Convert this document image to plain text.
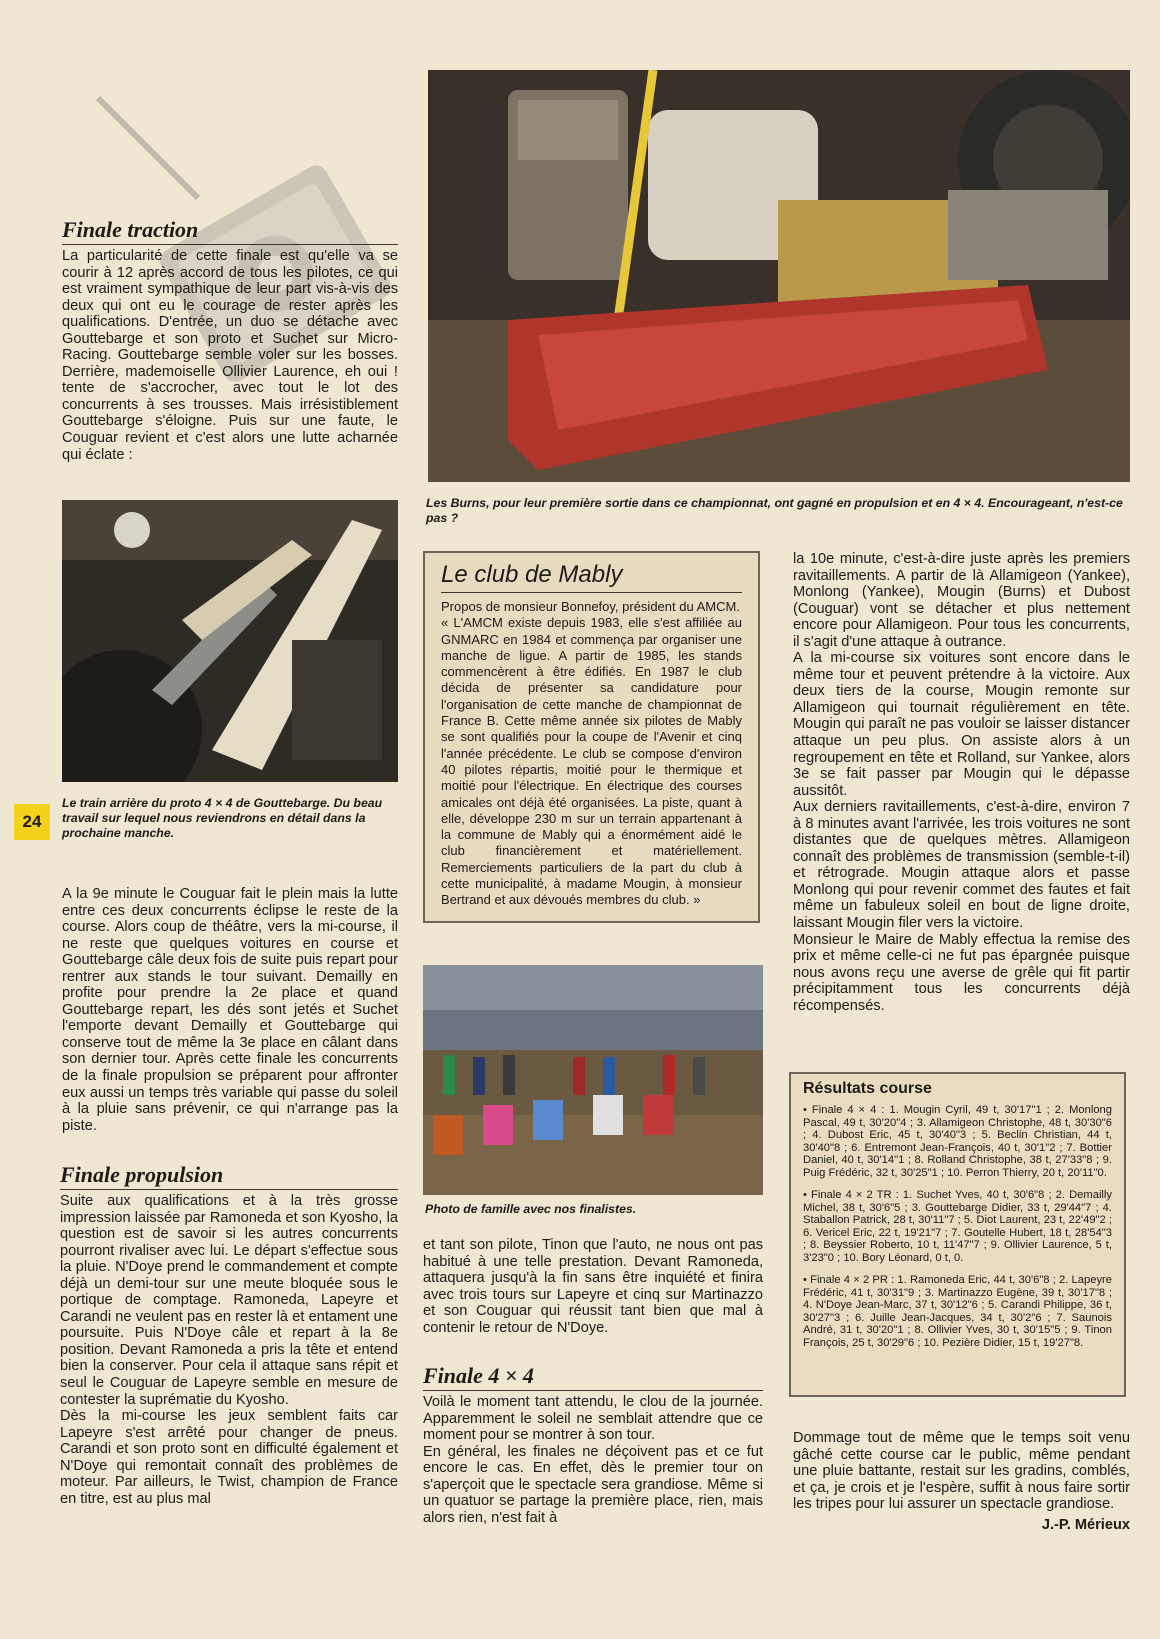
Finale traction

La particularité de cette finale est qu'elle va se courir à 12 après accord de tous les pilotes, ce qui est vraiment sympathique de leur part vis-à-vis des deux qui ont eu le courage de rester après les qualifications. D'entrée, un duo se détache avec Gouttebarge et son proto et Suchet sur Micro-Racing. Gouttebarge semble voler sur les bosses. Derrière, mademoiselle Ollivier Laurence, eh oui ! tente de s'accrocher, avec tout le lot des concurrents à ses trousses. Mais irrésistiblement Gouttebarge s'éloigne. Puis sur une faute, le Couguar revient et c'est alors une lutte acharnée qui éclate :

Les Burns, pour leur première sortie dans ce championnat, ont gagné en propulsion et en 4 × 4. Encourageant, n'est-ce pas ?
Le train arrière du proto 4 × 4 de Gouttebarge. Du beau travail sur lequel nous reviendrons en détail dans la prochaine manche.
24

A la 9e minute le Couguar fait le plein mais la lutte entre ces deux concurrents éclipse le reste de la course. Alors coup de théâtre, vers la mi-course, il ne reste que quelques voitures en course et Gouttebarge câle deux fois de suite puis repart pour rentrer aux stands le tour suivant. Demailly en profite pour prendre la 2e place et quand Gouttebarge repart, les dés sont jetés et Suchet l'emporte devant Demailly et Gouttebarge qui conserve tout de même la 3e place en câlant dans son dernier tour. Après cette finale les concurrents de la finale propulsion se préparent pour affronter eux aussi un temps très variable qui passe du soleil à la pluie sans prévenir, ce qui n'arrange pas la piste.

Finale propulsion

Suite aux qualifications et à la très grosse impression laissée par Ramoneda et son Kyosho, la question est de savoir si les autres concurrents pourront rivaliser avec lui. Le départ s'effectue sous la pluie. N'Doye prend le commandement et compte déjà un demi-tour sur une meute bloquée sous le portique de comptage. Ramoneda, Lapeyre et Carandi ne veulent pas en rester là et entament une poursuite. Puis N'Doye câle et repart à la 8e position. Devant Ramoneda a pris la tête et entend bien la conserver. Pour cela il attaque sans répit et seul le Couguar de Lapeyre semble en mesure de contester la suprématie du Kyosho.

Dès la mi-course les jeux semblent faits car Lapeyre s'est arrêté pour changer de pneus. Carandi et son proto sont en difficulté également et N'Doye qui remontait connaît des problèmes de moteur. Par ailleurs, le Twist, champion de France en titre, est au plus mal

Le club de Mably

Propos de monsieur Bonnefoy, président du AMCM.

« L'AMCM existe depuis 1983, elle s'est affiliée au GNMARC en 1984 et commença par organiser une manche de ligue. A partir de 1985, les stands commencèrent à être édifiés. En 1987 le club décida de présenter sa candidature pour l'organisation de cette manche de championnat de France B. Cette même année six pilotes de Mably se sont qualifiés pour la coupe de l'Avenir et cinq l'année précédente. Le club se compose d'environ 40 pilotes répartis, moitié pour le thermique et moitié pour l'électrique. En électrique des courses amicales ont déjà été organisées. La piste, quant à elle, développe 230 m sur un terrain appartenant à la commune de Mably qui a énormément aidé le club financièrement et matériellement. Remerciements particuliers de la part du club à cette municipalité, à madame Mougin, à monsieur Bertrand et aux dévoués membres du club. »

Photo de famille avec nos finalistes.

et tant son pilote, Tinon que l'auto, ne nous ont pas habitué à une telle prestation. Devant Ramoneda, attaquera jusqu'à la fin sans être inquiété et finira avec trois tours sur Lapeyre et cinq sur Martinazzo et son Couguar qui réussit tant bien que mal à contenir le retour de N'Doye.

Finale 4 × 4

Voilà le moment tant attendu, le clou de la journée. Apparemment le soleil ne semblait attendre que ce moment pour se montrer à son tour.

En général, les finales ne déçoivent pas et ce fut encore le cas. En effet, dès le premier tour on s'aperçoit que le spectacle sera grandiose. Même si un quatuor se partage la première place, rien, mais alors rien, n'est fait à

la 10e minute, c'est-à-dire juste après les premiers ravitaillements. A partir de là Allamigeon (Yankee), Monlong (Yankee), Mougin (Burns) et Dubost (Couguar) vont se détacher et plus nettement encore pour Allamigeon. Pour tous les concurrents, il s'agit d'une attaque à outrance.

A la mi-course six voitures sont encore dans le même tour et peuvent prétendre à la victoire. Aux deux tiers de la course, Mougin remonte sur Allamigeon qui tournait régulièrement en tête. Mougin qui paraît ne pas vouloir se laisser distancer attaque un peu plus. On assiste alors à un regroupement en tête et Rolland, sur Yankee, alors 3e se fait passer par Mougin qui le dépasse aussitôt.

Aux derniers ravitaillements, c'est-à-dire, environ 7 à 8 minutes avant l'arrivée, les trois voitures ne sont distantes que de quelques mètres. Allamigeon connaît des problèmes de transmission (semble-t-il) et rétrograde. Mougin attaque alors et passe Monlong qui pour revenir commet des fautes et fait même un fabuleux soleil en bout de ligne droite, laissant Mougin filer vers la victoire.

Monsieur le Maire de Mably effectua la remise des prix et même celle-ci ne fut pas épargnée puisque nous avons reçu une averse de grêle qui fit partir précipitamment tous les concurrents déjà récompensés.

Résultats course

• Finale 4 × 4 : 1. Mougin Cyril, 49 t, 30'17"1 ; 2. Monlong Pascal, 49 t, 30'20"4 ; 3. Allamigeon Christophe, 48 t, 30'30"6 ; 4. Dubost Eric, 45 t, 30'40"3 ; 5. Beclin Christian, 44 t, 30'40"8 ; 6. Entremont Jean-François, 40 t, 30'1"2 ; 7. Bottier Daniel, 40 t, 30'14"1 ; 8. Rolland Christophe, 38 t, 27'33"8 ; 9. Puig Frédéric, 32 t, 30'25"1 ; 10. Perron Thierry, 20 t, 20'11"0.

• Finale 4 × 2 TR : 1. Suchet Yves, 40 t, 30'6"8 ; 2. Demailly Michel, 38 t, 30'6"5 ; 3. Gouttebarge Didier, 33 t, 29'44"7 ; 4. Staballon Patrick, 28 t, 30'11"7 ; 5. Diot Laurent, 23 t, 22'49"2 ; 6. Vericel Eric, 22 t, 19'21"7 ; 7. Goutelle Hubert, 18 t, 28'54"3 ; 8. Beyssier Roberto, 10 t, 11'47"7 ; 9. Ollivier Laurence, 5 t, 3'23"0 ; 10. Bory Léonard, 0 t, 0.

• Finale 4 × 2 PR : 1. Ramoneda Eric, 44 t, 30'6"8 ; 2. Lapeyre Frédéric, 41 t, 30'31"9 ; 3. Martinazzo Eugène, 39 t, 30'17"8 ; 4. N'Doye Jean-Marc, 37 t, 30'12"6 ; 5. Carandi Philippe, 36 t, 30'27"3 ; 6. Juille Jean-Jacques, 34 t, 30'2"6 ; 7. Saunois André, 31 t, 30'20"1 ; 8. Ollivier Yves, 30 t, 30'15"5 ; 9. Tinon François, 25 t, 30'29"6 ; 10. Pezière Didier, 15 t, 19'27"8.

Dommage tout de même que le temps soit venu gâché cette course car le public, même pendant une pluie battante, restait sur les gradins, comblés, et ça, je crois et je l'espère, suffit à nous faire sortir les tripes pour lui assurer un spectacle grandiose.

J.-P. Mérieux
